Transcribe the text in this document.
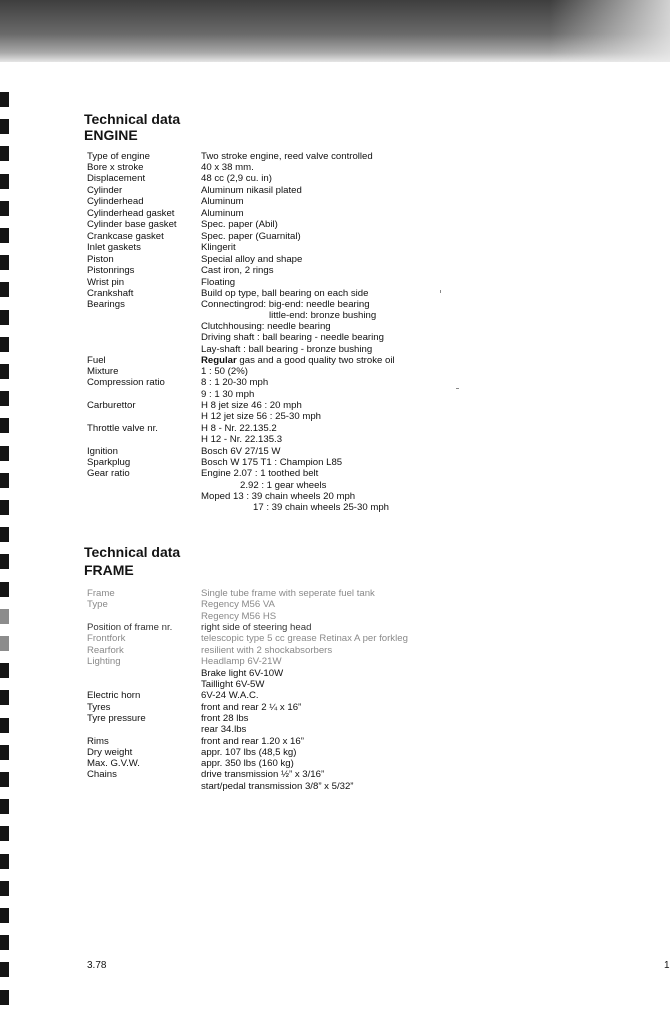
Technical data
ENGINE
Type of engine	Two stroke engine, reed valve controlled
Bore x stroke	40 x 38 mm.
Displacement	48 cc (2,9 cu. in)
Cylinder	Aluminum nikasil plated
Cylinderhead	Aluminum
Cylinderhead gasket	Aluminum
Cylinder base gasket	Spec. paper (Abil)
Crankcase gasket	Spec. paper (Guarnital)
Inlet gaskets	Klingerit
Piston	Special alloy and shape
Pistonrings	Cast iron, 2 rings
Wrist pin	Floating
Crankshaft	Build op type, ball bearing on each side
Bearings	Connectingrod: big-end: needle bearing
little-end: bronze bushing
Clutchhousing: needle bearing
Driving shaft : ball bearing - needle bearing
Lay-shaft : ball bearing - bronze bushing
Fuel	Regular gas and a good quality two stroke oil
Mixture	1 : 50 (2%)
Compression ratio	8 : 1 20-30 mph
9 : 1 30 mph
Carburettor	H 8 jet size 46 : 20 mph
H 12 jet size 56 : 25-30 mph
Throttle valve nr.	H 8 - Nr. 22.135.2
H 12 - Nr. 22.135.3
Ignition	Bosch 6V 27/15 W
Sparkplug	Bosch W 175 T1 : Champion L85
Gear ratio	Engine 2.07 : 1 toothed belt
2.92 : 1 gear wheels
Moped 13 : 39 chain wheels 20 mph
17 : 39 chain wheels 25-30 mph
Technical data
FRAME
Frame	Single tube frame with seperate fuel tank
Type	Regency M56 VA
Regency M56 HS
Position of frame nr.	right side of steering head
Frontfork	telescopic type 5 cc grease Retinax A per forkleg
Rearfork	resilient with 2 shockabsorbers
Lighting	Headlamp 6V-21W
Brake light 6V-10W
Taillight 6V-5W
Electric horn	6V-24 W.A.C.
Tyres	front and rear 2 ¼ x 16”
Tyre pressure	front 28 lbs
rear 34.lbs
Rims	front and rear 1.20 x 16”
Dry weight	appr. 107 lbs (48,5 kg)
Max. G.V.W.	appr. 350 lbs (160 kg)
Chains	drive transmission ½” x 3/16”
start/pedal transmission 3/8” x 5/32”
3.78	1
